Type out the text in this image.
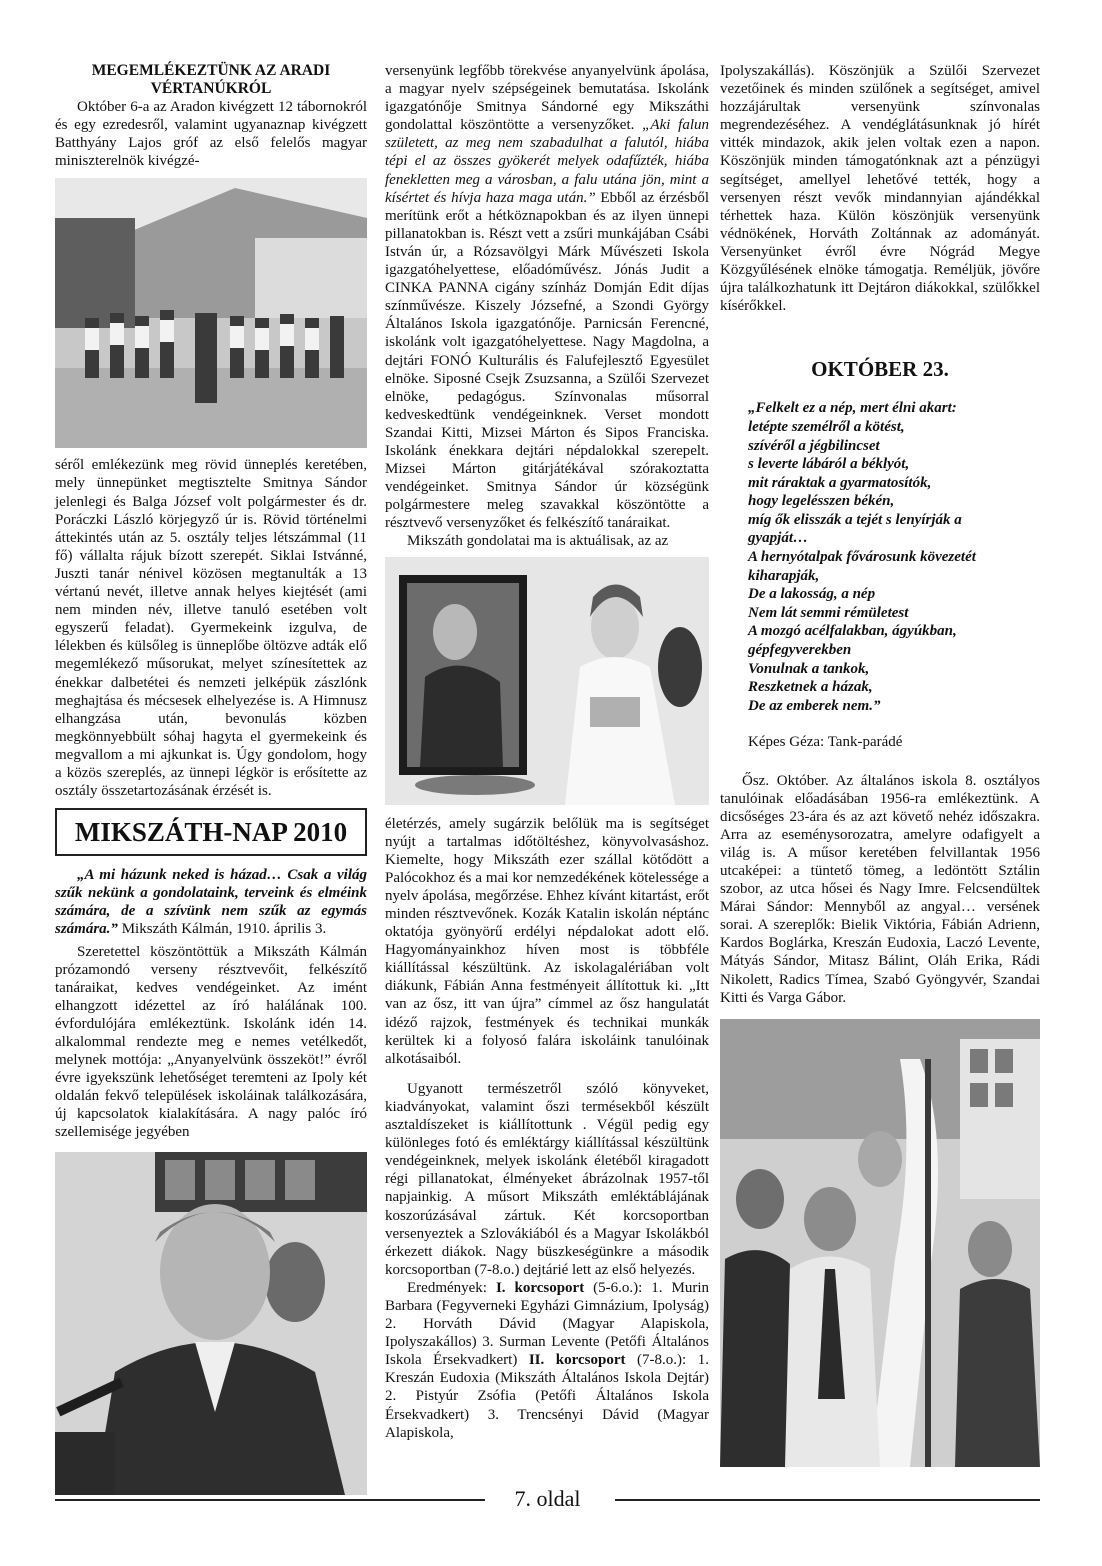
MEGEMLÉKEZTÜNK AZ ARADI VÉRTANÚKRÓL

Október 6-a az Aradon kivégzett 12 tábornokról és egy ezredesről, valamint ugyanaznap kivégzett Batthyány Lajos gróf az első felelős magyar miniszterelnök kivégzé-

séről emlékezünk meg rövid ünneplés keretében, mely ünnepünket megtisztelte Smitnya Sándor jelenlegi és Balga József volt polgármester és dr. Poráczki László körjegyző úr is. Rövid történelmi áttekintés után az 5. osztály teljes létszámmal (11 fő) vállalta rájuk bízott szerepét. Siklai Istvánné, Juszti tanár nénivel közösen megtanulták a 13 vértanú nevét, illetve annak helyes kiejtését (ami nem minden név, illetve tanuló esetében volt egyszerű feladat). Gyermekeink izgulva, de lélekben és külsőleg is ünneplőbe öltözve adták elő megemlékező műsorukat, melyet színesítettek az énekkar dalbetétei és nemzeti jelképük zászlónk meghajtása és mécsesek elhelyezése is. A Himnusz elhangzása után, bevonulás közben megkönnyebbült sóhaj hagyta el gyermekeink és megvallom a mi ajkunkat is. Úgy gondolom, hogy a közös szereplés, az ünnepi légkör is erősítette az osztály összetartozásának érzését is.

MIKSZÁTH-NAP 2010

„A mi házunk neked is házad… Csak a világ szűk nekünk a gondolataink, terveink és elméink számára, de a szívünk nem szűk az egymás számára.” Mikszáth Kálmán, 1910. április 3.

Szeretettel köszöntöttük a Mikszáth Kálmán prózamondó verseny résztvevőit, felkészítő tanáraikat, kedves vendégeinket. Az imént elhangzott idézettel az író halálának 100. évfordulójára emlékeztünk. Iskolánk idén 14. alkalommal rendezte meg e nemes vetélkedőt, melynek mottója: „Anyanyelvünk összeköt!” évről évre igyekszünk lehetőséget teremteni az Ipoly két oldalán fekvő települések iskoláinak találkozására, új kapcsolatok kialakítására. A nagy palóc író szellemisége jegyében

versenyünk legfőbb törekvése anyanyelvünk ápolása, a magyar nyelv szépségeinek bemutatása. Iskolánk igazgatónője Smitnya Sándorné egy Mikszáthi gondolattal köszöntötte a versenyzőket. „Aki falun született, az meg nem szabadulhat a falutól, hiába tépi el az összes gyökerét melyek odafűzték, hiába fenekletten meg a városban, a falu utána jön, mint a kísértet és hívja haza maga után.” Ebből az érzésből merítünk erőt a hétköznapokban és az ilyen ünnepi pillanatokban is. Részt vett a zsűri munkájában Csábi István úr, a Rózsavölgyi Márk Művészeti Iskola igazgatóhelyettese, előadóművész. Jónás Judit a CINKA PANNA cigány színház Domján Edit díjas színművésze. Kiszely Józsefné, a Szondi György Általános Iskola igazgatónője. Parnicsán Ferencné, iskolánk volt igazgatóhelyettese. Nagy Magdolna, a dejtári FONÓ Kulturális és Falufejlesztő Egyesület elnöke. Siposné Csejk Zsuzsanna, a Szülői Szervezet elnöke, pedagógus. Színvonalas műsorral kedveskedtünk vendégeinknek. Verset mondott Szandai Kitti, Mizsei Márton és Sipos Franciska. Iskolánk énekkara dejtári népdalokkal szerepelt. Mizsei Márton gitárjátékával szórakoztatta vendégeinket. Smitnya Sándor úr községünk polgármestere meleg szavakkal köszöntötte a résztvevő versenyzőket és felkészítő tanáraikat.

Mikszáth gondolatai ma is aktuálisak, az az

életérzés, amely sugárzik belőlük ma is segítséget nyújt a tartalmas időtöltéshez, könyvolvasáshoz. Kiemelte, hogy Mikszáth ezer szállal kötődött a Palócokhoz és a mai kor nemzedékének kötelessége a nyelv ápolása, megőrzése. Ehhez kívánt kitartást, erőt minden résztvevőnek. Kozák Katalin iskolán néptánc oktatója gyönyörű erdélyi népdalokat adott elő. Hagyományainkhoz híven most is többféle kiállítással készültünk. Az iskolagalériában volt diákunk, Fábián Anna festményeit állítottuk ki. „Itt van az ősz, itt van újra” címmel az ősz hangulatát idéző rajzok, festmények és technikai munkák kerültek ki a folyosó falára iskoláink tanulóinak alkotásaiból.

Ugyanott természetről szóló könyveket, kiadványokat, valamint őszi termésekből készült asztaldíszeket is kiállítottunk . Végül pedig egy különleges fotó és emléktárgy kiállítással készültünk vendégeinknek, melyek iskolánk életéből kiragadott régi pillanatokat, élményeket ábrázolnak 1957-től napjainkig. A műsort Mikszáth emléktáblájának koszorúzásával zártuk. Két korcsoportban versenyeztek a Szlovákiából és a Magyar Iskolákból érkezett diákok. Nagy büszkeségünkre a második korcsoportban (7-8.o.) dejtárié lett az első helyezés.

Eredmények: I. korcsoport (5-6.o.): 1. Murin Barbara (Fegyverneki Egyházi Gimnázium, Ipolyság) 2. Horváth Dávid (Magyar Alapiskola, Ipolyszakállos) 3. Surman Levente (Petőfi Általános Iskola Érsekvadkert) II. korcsoport (7-8.o.): 1. Kreszán Eudoxia (Mikszáth Általános Iskola Dejtár) 2. Pistyúr Zsófia (Petőfi Általános Iskola Érsekvadkert) 3. Trencsényi Dávid (Magyar Alapiskola,

Ipolyszakállás). Köszönjük a Szülői Szervezet vezetőinek és minden szülőnek a segítséget, amivel hozzájárultak versenyünk színvonalas megrendezéséhez. A vendéglátásunknak jó hírét vitték mindazok, akik jelen voltak ezen a napon. Köszönjük minden támogatónknak azt a pénzügyi segítséget, amellyel lehetővé tették, hogy a versenyen részt vevők mindannyian ajándékkal térhettek haza. Külön köszönjük versenyünk védnökének, Horváth Zoltánnak az adományát. Versenyünket évről évre Nógrád Megye Közgyűlésének elnöke támogatja. Reméljük, jövőre újra találkozhatunk itt Dejtáron diákokkal, szülőkkel kísérőkkel.

OKTÓBER 23.
„Felkelt ez a nép, mert élni akart:
letépte személről a kötést,
szívéről a jégbilincset
s leverte lábáról a béklyót,
mit ráraktak a gyarmatosítók,
hogy legelésszen békén,
míg ők elisszák a tejét s lenyírják a
gyapját…
A hernyótalpak fővárosunk kövezetét
kiharapják,
De a lakosság, a nép
Nem lát semmi rémületest
A mozgó acélfalakban, ágyúkban,
gépfegyverekben
Vonulnak a tankok,
Reszketnek a házak,
De az emberek nem.”
Képes Géza: Tank-parádé

Ősz. Október. Az általános iskola 8. osztályos tanulóinak előadásában 1956-ra emlékeztünk. A dicsőséges 23-ára és az azt követő nehéz időszakra. Arra az eseménysorozatra, amelyre odafigyelt a világ is. A műsor keretében felvillantak 1956 utcaképei: a tüntető tömeg, a ledöntött Sztálin szobor, az utca hősei és Nagy Imre. Felcsendültek Márai Sándor: Mennyből az angyal… versének sorai. A szereplők: Bielik Viktória, Fábián Adrienn, Kardos Boglárka, Kreszán Eudoxia, Laczó Levente, Mátyás Sándor, Mitasz Bálint, Oláh Erika, Rádi Nikolett, Radics Tímea, Szabó Gyöngyvér, Szandai Kitti és Varga Gábor.

7. oldal
